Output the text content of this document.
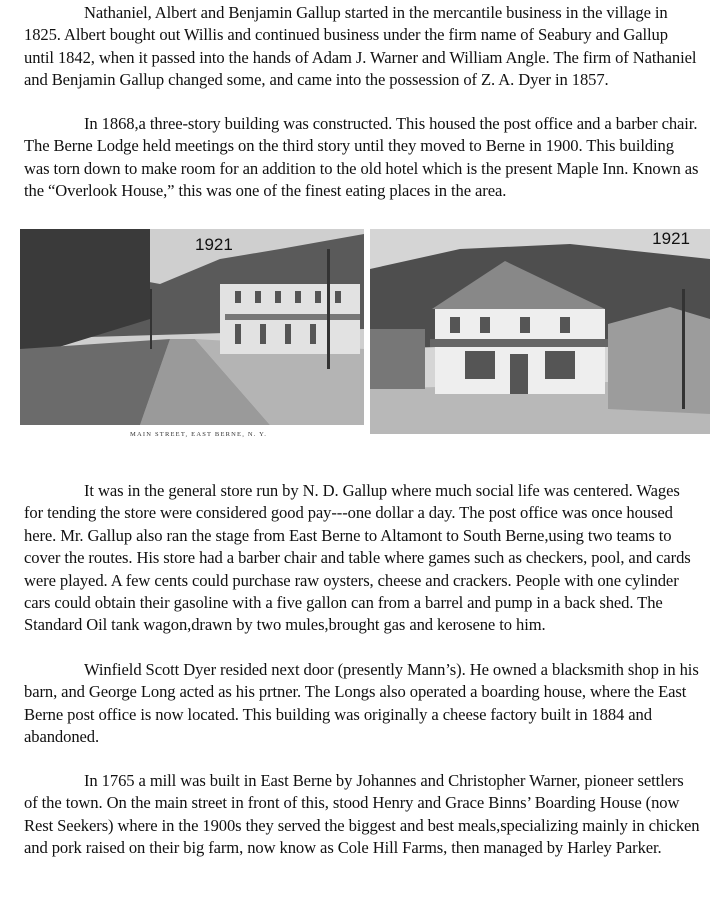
Nathaniel, Albert and Benjamin Gallup started in the mercantile business in the village in 1825. Albert bought out Willis and continued business under the firm name of Seabury and Gallup until 1842, when it passed into the hands of Adam J. Warner and William Angle. The firm of Nathaniel and Benjamin Gallup changed some, and came into the possession of Z. A. Dyer in 1857.

In 1868,a three-story building was constructed. This housed the post office and a barber chair. The Berne Lodge held meetings on the third story until they moved to Berne in 1900. This building was torn down to make room for an addition to the old hotel which is the present Maple Inn. Known as the “Overlook House,” this was one of the finest eating places in the area.

1921
MAIN STREET, EAST BERNE, N. Y.
1921

It was in the general store run by N. D. Gallup where much social life was centered. Wages for tending the store were considered good pay---one dollar a day. The post office was once housed here. Mr. Gallup also ran the stage from East Berne to Altamont to South Berne,using two teams to cover the routes. His store had a barber chair and table where games such as checkers, pool, and cards were played. A few cents could purchase raw oysters, cheese and crackers. People with one cylinder cars could obtain their gasoline with a five gallon can from a barrel and pump in a back shed. The Standard Oil tank wagon,drawn by two mules,brought gas and kerosene to him.

Winfield Scott Dyer resided next door (presently Mann’s). He owned a blacksmith shop in his barn, and George Long acted as his prtner. The Longs also operated a boarding house, where the East Berne post office is now located. This building was originally a cheese factory built in 1884 and abandoned.

In 1765 a mill was built in East Berne by Johannes and Christopher Warner, pioneer settlers of the town. On the main street in front of this, stood Henry and Grace Binns’ Boarding House (now Rest Seekers) where in the 1900s they served the biggest and best meals,specializing mainly in chicken and pork raised on their big farm, now know as Cole Hill Farms, then managed by Harley Parker.
